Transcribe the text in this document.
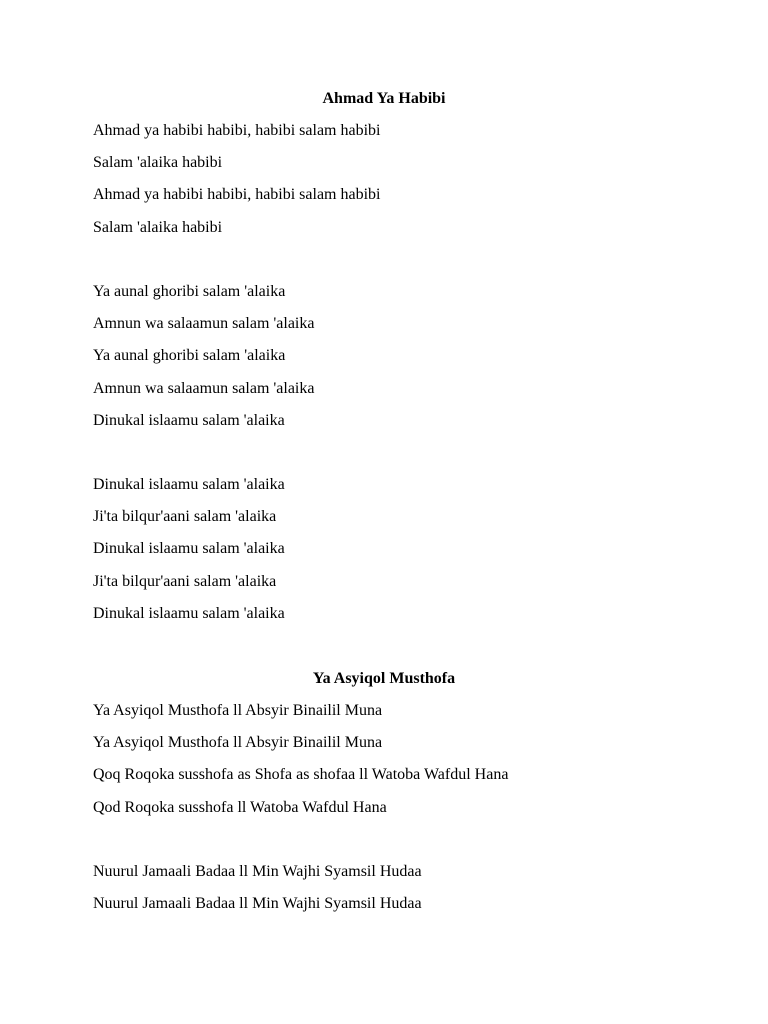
Ahmad Ya Habibi
Ahmad ya habibi habibi, habibi salam habibi
Salam 'alaika habibi
Ahmad ya habibi habibi, habibi salam habibi
Salam 'alaika habibi
Ya aunal ghoribi salam 'alaika
Amnun wa salaamun salam 'alaika
Ya aunal ghoribi salam 'alaika
Amnun wa salaamun salam 'alaika
Dinukal islaamu salam 'alaika
Dinukal islaamu salam 'alaika
Ji'ta bilqur'aani salam 'alaika
Dinukal islaamu salam 'alaika
Ji'ta bilqur'aani salam 'alaika
Dinukal islaamu salam 'alaika
Ya Asyiqol Musthofa
Ya Asyiqol Musthofa ll Absyir Binailil Muna
Ya Asyiqol Musthofa ll Absyir Binailil Muna
Qoq Roqoka susshofa as Shofa as shofaa ll Watoba Wafdul Hana
Qod Roqoka susshofa ll Watoba Wafdul Hana
Nuurul Jamaali Badaa ll Min Wajhi Syamsil Hudaa
Nuurul Jamaali Badaa ll Min Wajhi Syamsil Hudaa
